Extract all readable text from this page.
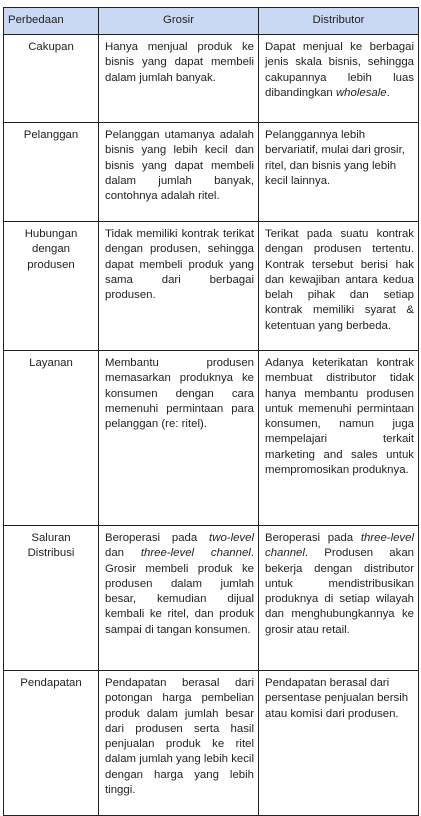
Perbedaan	Grosir	Distributor
Cakupan	Hanya menjual produk ke bisnis yang dapat membeli dalam jumlah banyak.	Dapat menjual ke berbagai jenis skala bisnis, sehingga cakupannya lebih luas dibandingkan wholesale.
Pelanggan	Pelanggan utamanya adalah bisnis yang lebih kecil dan bisnis yang dapat membeli dalam jumlah banyak, contohnya adalah ritel.	Pelanggannya lebih bervariatif, mulai dari grosir, ritel, dan bisnis yang lebih kecil lainnya.
Hubungan dengan produsen	Tidak memiliki kontrak terikat dengan produsen, sehingga dapat membeli produk yang sama dari berbagai produsen.	Terikat pada suatu kontrak dengan produsen tertentu. Kontrak tersebut berisi hak dan kewajiban antara kedua belah pihak dan setiap kontrak memiliki syarat & ketentuan yang berbeda.
Layanan	Membantu produsen memasarkan produknya ke konsumen dengan cara memenuhi permintaan para pelanggan (re: ritel).	Adanya keterikatan kontrak membuat distributor tidak hanya membantu produsen untuk memenuhi permintaan konsumen, namun juga mempelajari terkait marketing and sales untuk mempromosikan produknya.
Saluran Distribusi	Beroperasi pada two-level dan three-level channel. Grosir membeli produk ke produsen dalam jumlah besar, kemudian dijual kembali ke ritel, dan produk sampai di tangan konsumen.	Beroperasi pada three-level channel. Produsen akan bekerja dengan distributor untuk mendistribusikan produknya di setiap wilayah dan menghubungkannya ke grosir atau retail.
Pendapatan	Pendapatan berasal dari potongan harga pembelian produk dalam jumlah besar dari produsen serta hasil penjualan produk ke ritel dalam jumlah yang lebih kecil dengan harga yang lebih tinggi.	Pendapatan berasal dari persentase penjualan bersih atau komisi dari produsen.
